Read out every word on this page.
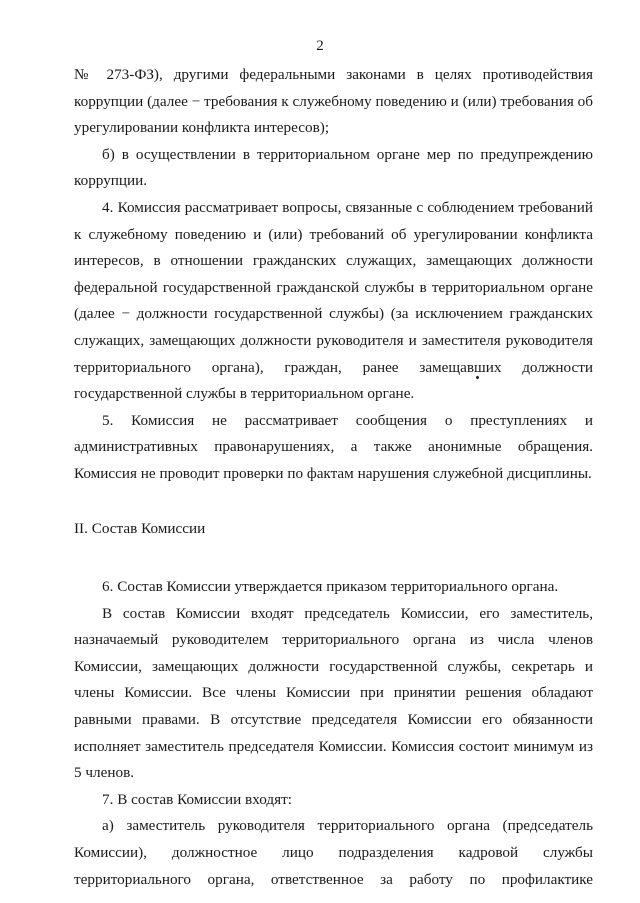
2

№ 273-ФЗ), другими федеральными законами в целях противодействия коррупции (далее − требования к служебному поведению и (или) требования об урегулировании конфликта интересов);

б) в осуществлении в территориальном органе мер по предупреждению коррупции.

4. Комиссия рассматривает вопросы, связанные с соблюдением требований к служебному поведению и (или) требований об урегулировании конфликта интересов, в отношении гражданских служащих, замещающих должности федеральной государственной гражданской службы в территориальном органе (далее − должности государственной службы) (за исключением гражданских служащих, замещающих должности руководителя и заместителя руководителя территориального органа), граждан, ранее замещавших должности государственной службы в территориальном органе.

5. Комиссия не рассматривает сообщения о преступлениях и административных правонарушениях, а также анонимные обращения. Комиссия не проводит проверки по фактам нарушения служебной дисциплины.

II. Состав Комиссии

6. Состав Комиссии утверждается приказом территориального органа.

В состав Комиссии входят председатель Комиссии, его заместитель, назначаемый руководителем территориального органа из числа членов Комиссии, замещающих должности государственной службы, секретарь и члены Комиссии. Все члены Комиссии при принятии решения обладают равными правами. В отсутствие председателя Комиссии его обязанности исполняет заместитель председателя Комиссии. Комиссия состоит минимум из 5 членов.

7. В состав Комиссии входят:

а) заместитель руководителя территориального органа (председатель Комиссии), должностное лицо подразделения кадровой службы территориального органа, ответственное за работу по профилактике
